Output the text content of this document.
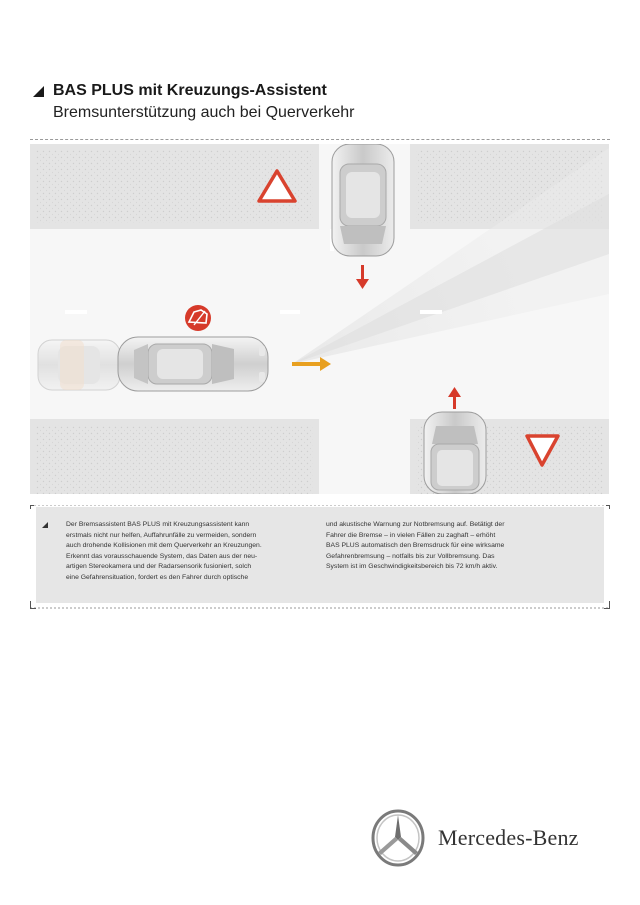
BAS PLUS mit Kreuzungs-Assistent
Bremsunterstützung auch bei Querverkehr

Der Bremsassistent BAS PLUS mit Kreuzungsassistent kann

erstmals nicht nur helfen, Auffahrunfälle zu vermeiden, sondern

auch drohende Kollisionen mit dem Querverkehr an Kreuzungen.

Erkennt das vorausschauende System, das Daten aus der neu-

artigen Stereokamera und der Radarsensorik fusioniert, solch

eine Gefahrensituation, fordert es den Fahrer durch optische

und akustische Warnung zur Notbremsung auf. Betätigt der

Fahrer die Bremse – in vielen Fällen zu zaghaft – erhöht

BAS PLUS automatisch den Bremsdruck für eine wirksame

Gefahrenbremsung – notfalls bis zur Vollbremsung. Das

System ist im Geschwindigkeitsbereich bis 72 km/h aktiv.

Mercedes-Benz
